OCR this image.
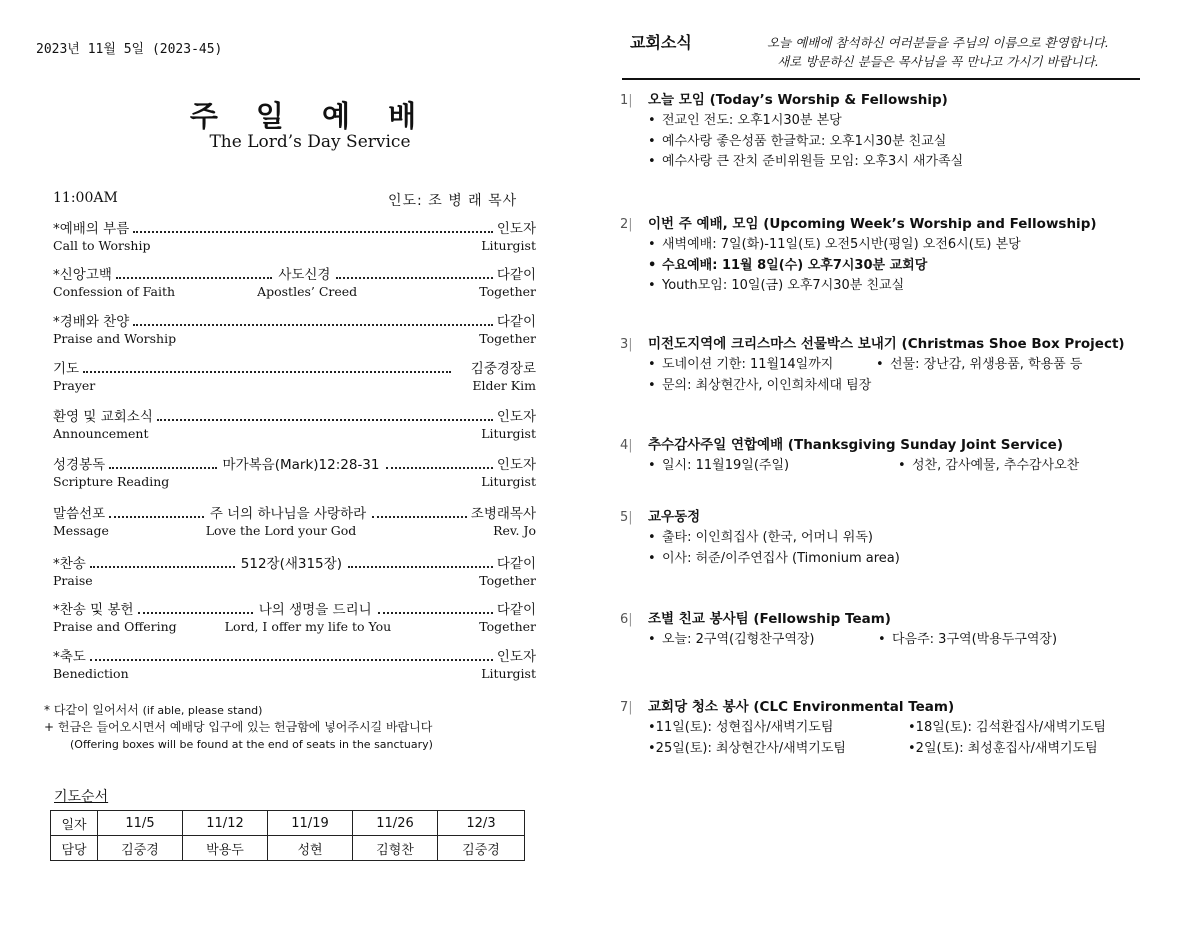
2023년 11월 5일 (2023-45)
주 일 예 배
The Lord’s Day Service
11:00AM	인도: 조 병 래 목사
*예배의 부름	인도자
Call to Worship	Liturgist
*신앙고백	사도신경	다같이
Confession of Faith	Apostles’ Creed	Together
*경배와 찬양	다같이
Praise and Worship	Together
기도	김중경장로
Prayer	Elder Kim
환영 및 교회소식	인도자
Announcement	Liturgist
성경봉독	마가복음(Mark)12:28-31	인도자
Scripture Reading	Liturgist
말씀선포	주 너의 하나님을 사랑하라	조병래목사
Message	Love the Lord your God	Rev. Jo
*찬송	512장(새315장)	다같이
Praise	Together
*찬송 및 봉헌	나의 생명을 드리니	다같이
Praise and Offering	Lord, I offer my life to You	Together
*축도	인도자
Benediction	Liturgist
* 다같이 일어서서 (if able, please stand)
+ 헌금은 들어오시면서 예배당 입구에 있는 헌금함에 넣어주시길 바랍니다
(Offering boxes will be found at the end of seats in the sanctuary)
기도순서
일자	11/5	11/12	11/19	11/26	12/3
담당	김중경	박용두	성현	김형찬	김중경
교회소식	오늘 예배에 참석하신 여러분들을 주님의 이름으로 환영합니다.
새로 방문하신 분들은 목사님을 꼭 만나고 가시기 바랍니다.
1|	오늘 모임 (Today’s Worship & Fellowship)
• 전교인 전도: 오후1시30분 본당
• 예수사랑 좋은성품 한글학교: 오후1시30분 친교실
• 예수사랑 큰 잔치 준비위원들 모임: 오후3시 새가족실
2|	이번 주 예배, 모임 (Upcoming Week’s Worship and Fellowship)
• 새벽예배: 7일(화)-11일(토) 오전5시반(평일) 오전6시(토) 본당
• 수요예배: 11월 8일(수) 오후7시30분 교회당
• Youth모임: 10일(금) 오후7시30분 친교실
3|	미전도지역에 크리스마스 선물박스 보내기 (Christmas Shoe Box Project)
• 도네이션 기한: 11월14일까지	• 선물: 장난감, 위생용품, 학용품 등
• 문의: 최상현간사, 이인희차세대 팀장
4|	추수감사주일 연합예배 (Thanksgiving Sunday Joint Service)
• 일시: 11월19일(주일)	• 성찬, 감사예물, 추수감사오찬
5|	교우동정
• 출타: 이인희집사 (한국, 어머니 위독)
• 이사: 허준/이주연집사 (Timonium area)
6|	조별 친교 봉사팀 (Fellowship Team)
• 오늘: 2구역(김형찬구역장)	• 다음주: 3구역(박용두구역장)
7|	교회당 청소 봉사 (CLC Environmental Team)
•11일(토): 성현집사/새벽기도팀	•18일(토): 김석환집사/새벽기도팀
•25일(토): 최상현간사/새벽기도팀	•2일(토): 최성훈집사/새벽기도팀
